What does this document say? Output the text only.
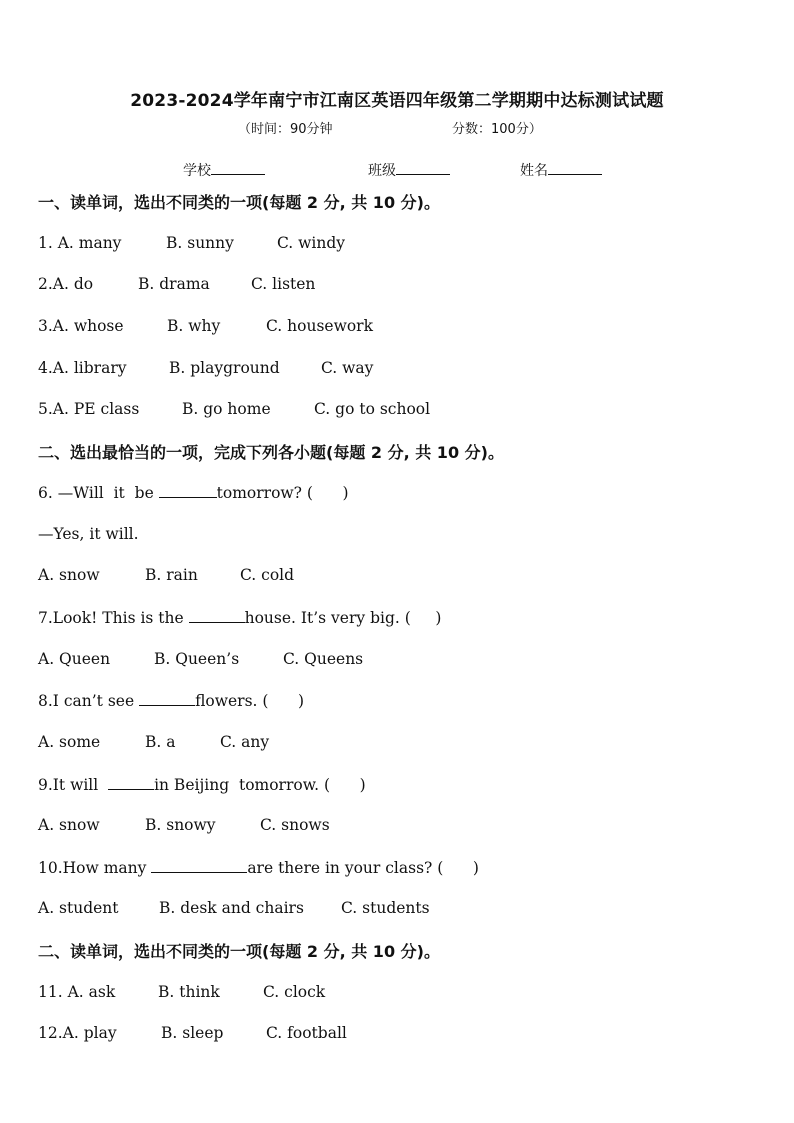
2023-2024学年南宁市江南区英语四年级第二学期期中达标测试试题
（时间：90分钟	分数：100分）
学校	班级	姓名
一、读单词，选出不同类的一项(每题 2 分, 共 10 分)。
1. A. many	B. sunny	C. windy
2.A. do	B. drama	C. listen
3.A. whose	B. why	C. housework
4.A. library	B. playground	C. way
5.A. PE class	B. go home	C. go to school
二、选出最恰当的一项，完成下列各小题(每题 2 分, 共 10 分)。
6. —Will  it  be	tomorrow? (      )
—Yes, it will.
A. snow	B. rain	C. cold
7.Look! This is the	house. It’s very big. (     )
A. Queen	B. Queen’s	C. Queens
8.I can’t see	flowers. (      )
A. some	B. a	C. any
9.It will	in Beijing  tomorrow. (      )
A. snow	B. snowy	C. snows
10.How many	are there in your class? (      )
A. student	B. desk and chairs C. students
二、读单词，选出不同类的一项(每题 2 分, 共 10 分)。
11. A. ask	B. think	C. clock
12.A. play	B. sleep	C. football
